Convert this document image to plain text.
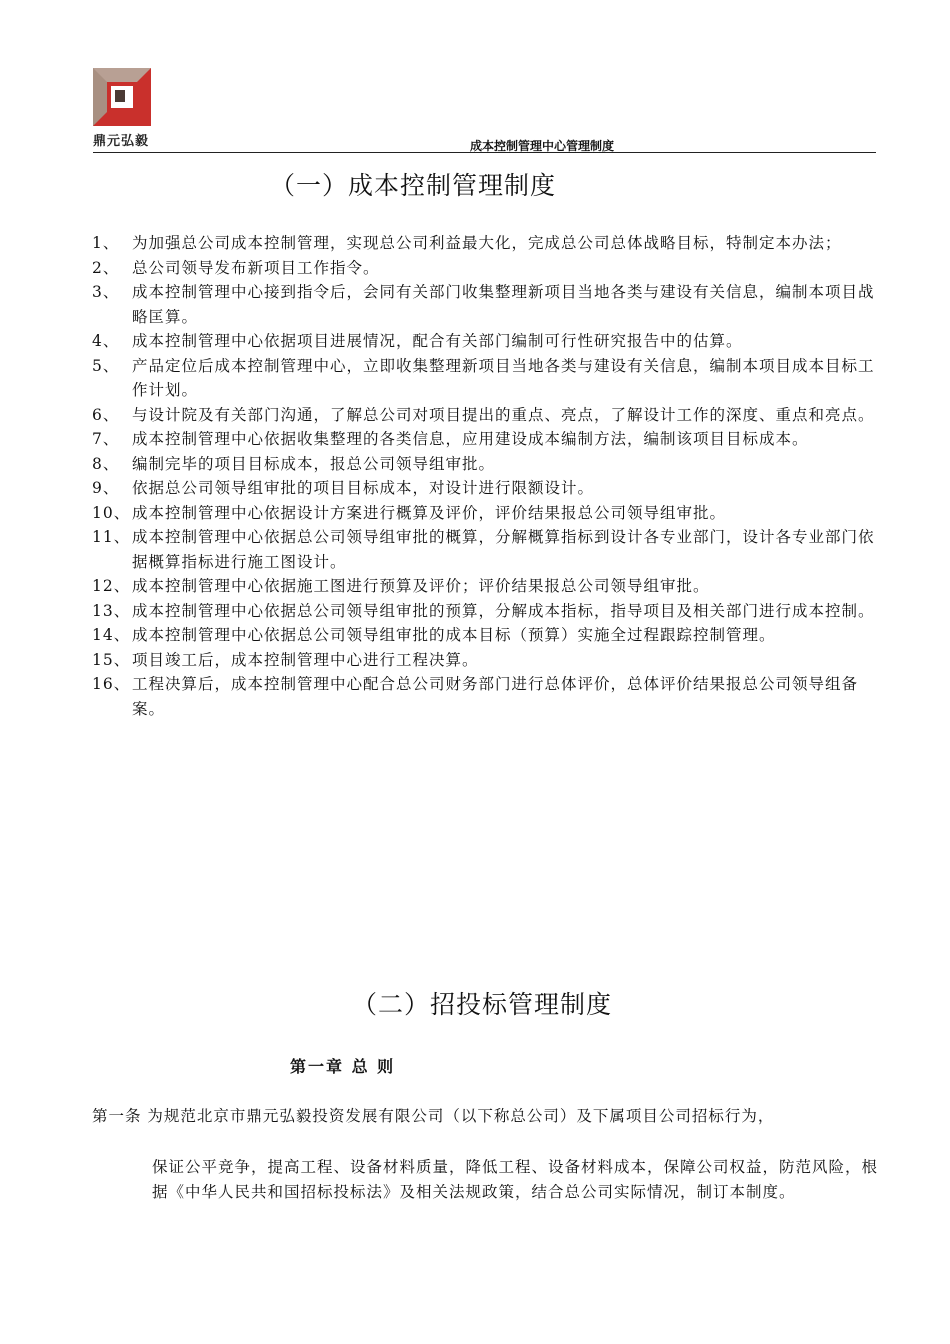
鼎元弘毅	成本控制管理中心管理制度
（一）成本控制管理制度
1、 为加强总公司成本控制管理，实现总公司利益最大化，完成总公司总体战略目标，特制定本办法；
2、 总公司领导发布新项目工作指令。
3、 成本控制管理中心接到指令后，会同有关部门收集整理新项目当地各类与建设有关信息，编制本项目战略匡算。
4、 成本控制管理中心依据项目进展情况，配合有关部门编制可行性研究报告中的估算。
5、 产品定位后成本控制管理中心，立即收集整理新项目当地各类与建设有关信息，编制本项目成本目标工作计划。
6、 与设计院及有关部门沟通，了解总公司对项目提出的重点、亮点，了解设计工作的深度、重点和亮点。
7、 成本控制管理中心依据收集整理的各类信息，应用建设成本编制方法，编制该项目目标成本。
8、 编制完毕的项目目标成本，报总公司领导组审批。
9、 依据总公司领导组审批的项目目标成本，对设计进行限额设计。
10、 成本控制管理中心依据设计方案进行概算及评价，评价结果报总公司领导组审批。
11、 成本控制管理中心依据总公司领导组审批的概算，分解概算指标到设计各专业部门，设计各专业部门依据概算指标进行施工图设计。
12、 成本控制管理中心依据施工图进行预算及评价；评价结果报总公司领导组审批。
13、 成本控制管理中心依据总公司领导组审批的预算，分解成本指标，指导项目及相关部门进行成本控制。
14、 成本控制管理中心依据总公司领导组审批的成本目标（预算）实施全过程跟踪控制管理。
15、 项目竣工后，成本控制管理中心进行工程决算。
16、 工程决算后，成本控制管理中心配合总公司财务部门进行总体评价，总体评价结果报总公司领导组备案。
（二）招投标管理制度
第一章 总 则
第一条 为规范北京市鼎元弘毅投资发展有限公司（以下称总公司）及下属项目公司招标行为，
保证公平竞争，提高工程、设备材料质量，降低工程、设备材料成本，保障公司权益，防范风险，根据《中华人民共和国招标投标法》及相关法规政策，结合总公司实际情况，制订本制度。
